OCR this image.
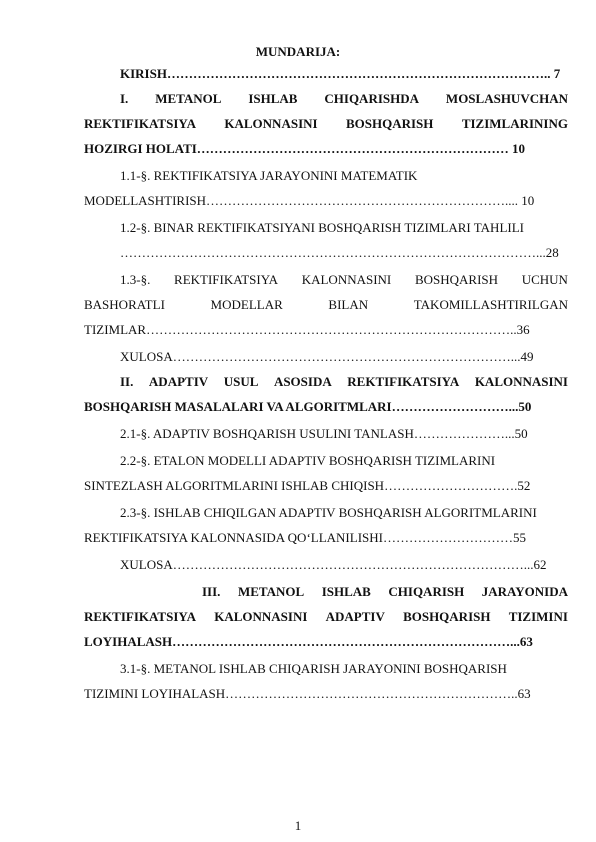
MUNDARIJA:
KIRISH…………………………………………………………………………….. 7
I. METANOL ISHLAB CHIQARISHDA MOSLASHUVCHAN
REKTIFIKATSIYA KALONNASINI BOSHQARISH TIZIMLARINING
HOZIRGI HOLATI……………………………………………………………… 10
1.1-§. REKTIFIKATSIYA JARAYONINI MATEMATIK
MODELLASHTIRISH…………………………………………………………….... 10
1.2-§. BINAR REKTIFIKATSIYANI BOSHQARISH TIZIMLARI TAHLILI
……………………………………………………………………………………...28
1.3-§. REKTIFIKATSIYA KALONNASINI BOSHQARISH UCHUN
BASHORATLI	MODELLAR	BILAN	TAKOMILLASHTIRILGAN
TIZIMLAR…………………………………………………………………………..36
XULOSA……………………………………………………………………...49
II. ADAPTIV USUL ASOSIDA REKTIFIKATSIYA KALONNASINI
BOSHQARISH MASALALARI VA ALGORITMLARI………………………...50
2.1-§. ADAPTIV BOSHQARISH USULINI TANLASH…………………...50
2.2-§. ETALON MODELLI ADAPTIV BOSHQARISH TIZIMLARINI
SINTEZLASH ALGORITMLARINI ISHLAB CHIQISH………………………….52
2.3-§. ISHLAB CHIQILGAN ADAPTIV BOSHQARISH ALGORITMLARINI
REKTIFIKATSIYA KALONNASIDA QO‘LLANILISHI…………………………55
XULOSA………………………………………………………………………...62
III. METANOL ISHLAB CHIQARISH JARAYONIDA
REKTIFIKATSIYA KALONNASINI ADAPTIV BOSHQARISH TIZIMINI
LOYIHALASH……………………………………………………………………...63
3.1-§. METANOL ISHLAB CHIQARISH JARAYONINI BOSHQARISH
TIZIMINI LOYIHALASH…………………………………………………………..63
1
